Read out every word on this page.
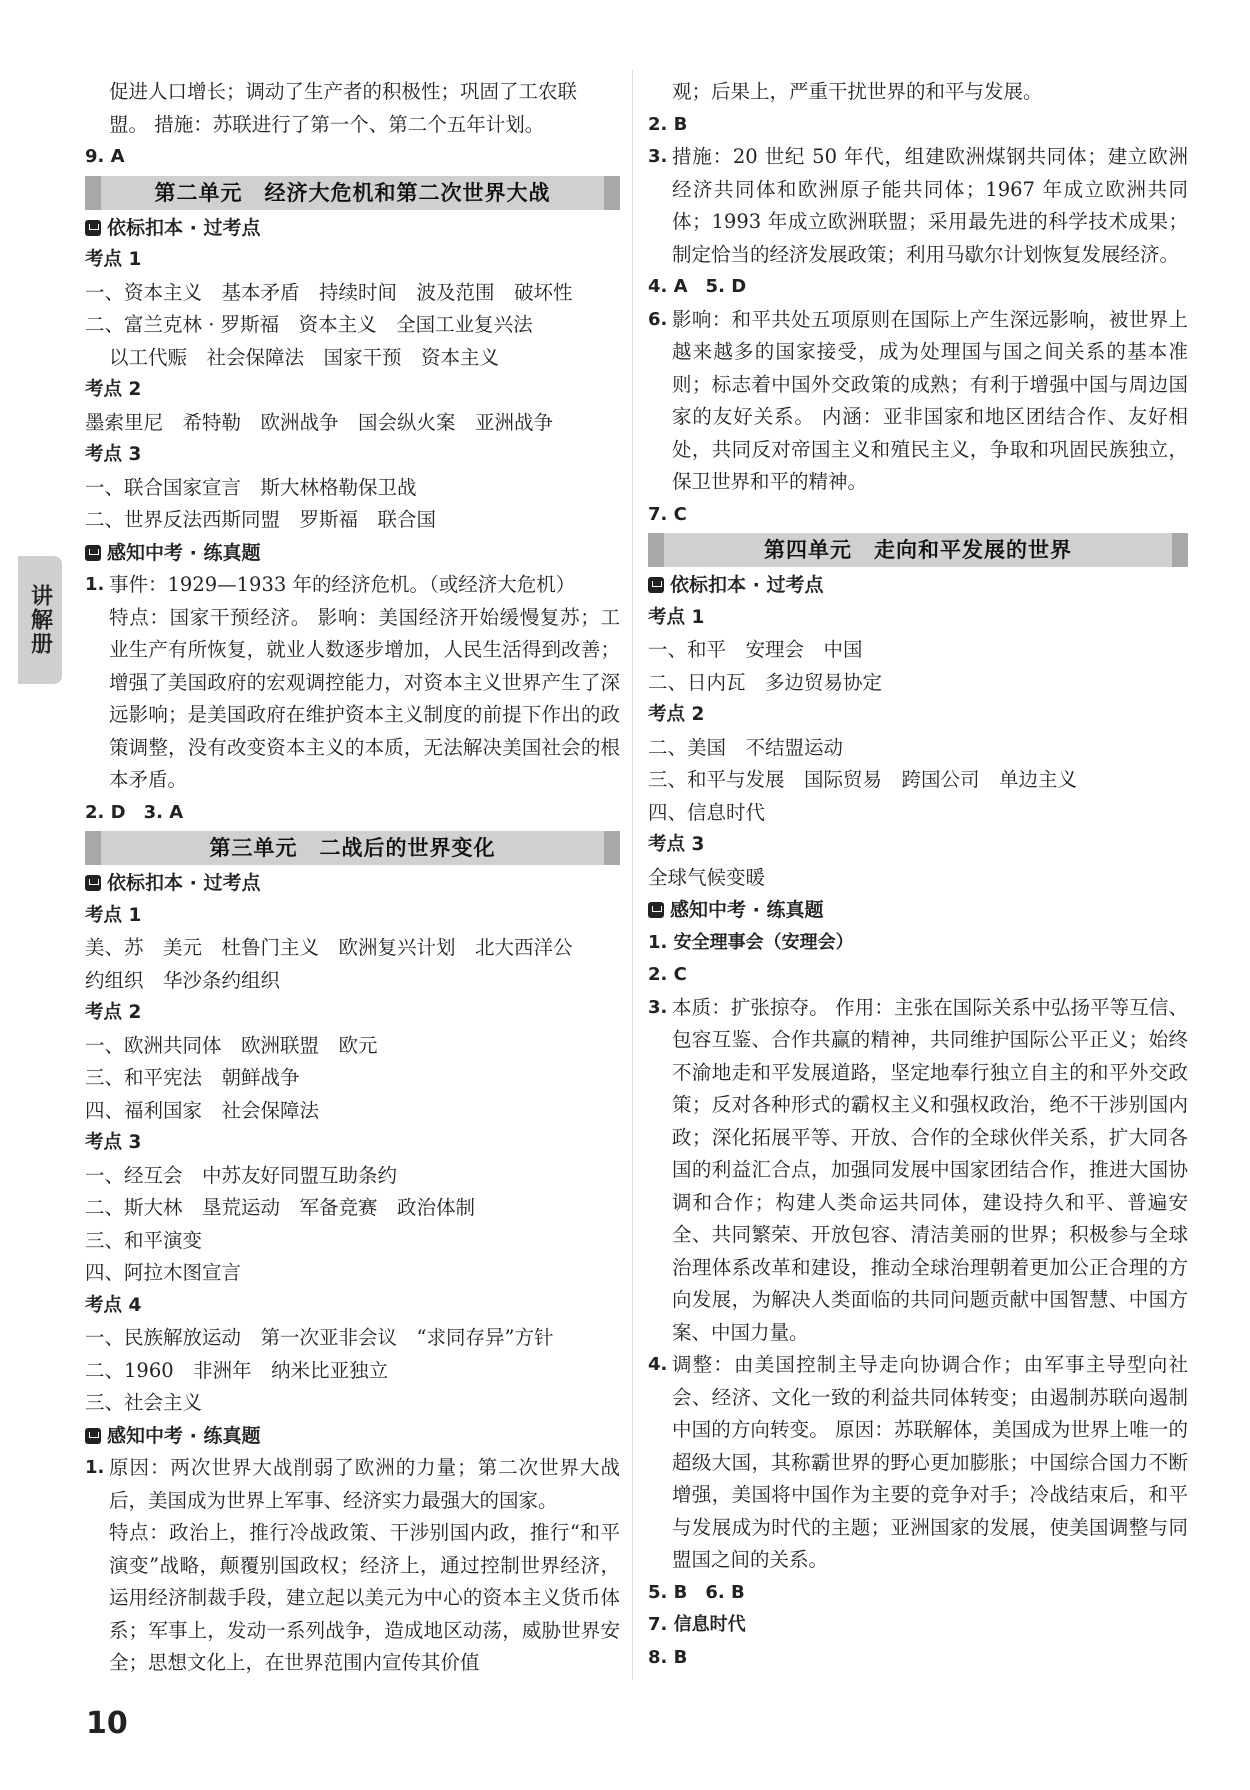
讲解册
促进人口增长；调动了生产者的积极性；巩固了工农联
盟。 措施：苏联进行了第一个、第二个五年计划。
9. A
第二单元　经济大危机和第二次世界大战
依标扣本 · 过考点
考点 1
一、资本主义　基本矛盾　持续时间　波及范围　破坏性
二、富兰克林 · 罗斯福　资本主义　全国工业复兴法
以工代赈　社会保障法　国家干预　资本主义
考点 2
墨索里尼　希特勒　欧洲战争　国会纵火案　亚洲战争
考点 3
一、联合国家宣言　斯大林格勒保卫战
二、世界反法西斯同盟　罗斯福　联合国
感知中考 · 练真题
1. 事件：1929—1933 年的经济危机。（或经济大危机）
特点：国家干预经济。 影响：美国经济开始缓慢复苏；工业生产有所恢复，就业人数逐步增加，人民生活得到改善；增强了美国政府的宏观调控能力，对资本主义世界产生了深远影响；是美国政府在维护资本主义制度的前提下作出的政策调整，没有改变资本主义的本质，无法解决美国社会的根本矛盾。
2. D　3. A
第三单元　二战后的世界变化
依标扣本 · 过考点
考点 1
美、苏　美元　杜鲁门主义　欧洲复兴计划　北大西洋公
约组织　华沙条约组织
考点 2
一、欧洲共同体　欧洲联盟　欧元
三、和平宪法　朝鲜战争
四、福利国家　社会保障法
考点 3
一、经互会　中苏友好同盟互助条约
二、斯大林　垦荒运动　军备竞赛　政治体制
三、和平演变
四、阿拉木图宣言
考点 4
一、民族解放运动　第一次亚非会议　“求同存异”方针
二、1960　非洲年　纳米比亚独立
三、社会主义
感知中考 · 练真题
1. 原因：两次世界大战削弱了欧洲的力量；第二次世界大战后，美国成为世界上军事、经济实力最强大的国家。
特点：政治上，推行冷战政策、干涉别国内政，推行“和平演变”战略，颠覆别国政权；经济上，通过控制世界经济，运用经济制裁手段，建立起以美元为中心的资本主义货币体系；军事上，发动一系列战争，造成地区动荡，威胁世界安全；思想文化上，在世界范围内宣传其价值
观；后果上，严重干扰世界的和平与发展。
2. B
3. 措施：20 世纪 50 年代，组建欧洲煤钢共同体；建立欧洲经济共同体和欧洲原子能共同体；1967 年成立欧洲共同体；1993 年成立欧洲联盟；采用最先进的科学技术成果；制定恰当的经济发展政策；利用马歇尔计划恢复发展经济。
4. A　5. D
6. 影响：和平共处五项原则在国际上产生深远影响，被世界上越来越多的国家接受，成为处理国与国之间关系的基本准则；标志着中国外交政策的成熟；有利于增强中国与周边国家的友好关系。 内涵：亚非国家和地区团结合作、友好相处，共同反对帝国主义和殖民主义，争取和巩固民族独立，保卫世界和平的精神。
7. C
第四单元　走向和平发展的世界
依标扣本 · 过考点
考点 1
一、和平　安理会　中国
二、日内瓦　多边贸易协定
考点 2
二、美国　不结盟运动
三、和平与发展　国际贸易　跨国公司　单边主义
四、信息时代
考点 3
全球气候变暖
感知中考 · 练真题
1. 安全理事会（安理会）
2. C
3. 本质：扩张掠夺。 作用：主张在国际关系中弘扬平等互信、包容互鉴、合作共赢的精神，共同维护国际公平正义；始终不渝地走和平发展道路，坚定地奉行独立自主的和平外交政策；反对各种形式的霸权主义和强权政治，绝不干涉别国内政；深化拓展平等、开放、合作的全球伙伴关系，扩大同各国的利益汇合点，加强同发展中国家团结合作，推进大国协调和合作；构建人类命运共同体，建设持久和平、普遍安全、共同繁荣、开放包容、清洁美丽的世界；积极参与全球治理体系改革和建设，推动全球治理朝着更加公正合理的方向发展，为解决人类面临的共同问题贡献中国智慧、中国方案、中国力量。
4. 调整：由美国控制主导走向协调合作；由军事主导型向社会、经济、文化一致的利益共同体转变；由遏制苏联向遏制中国的方向转变。 原因：苏联解体，美国成为世界上唯一的超级大国，其称霸世界的野心更加膨胀；中国综合国力不断增强，美国将中国作为主要的竞争对手；冷战结束后，和平与发展成为时代的主题；亚洲国家的发展，使美国调整与同盟国之间的关系。
5. B　6. B
7. 信息时代
8. B
10
